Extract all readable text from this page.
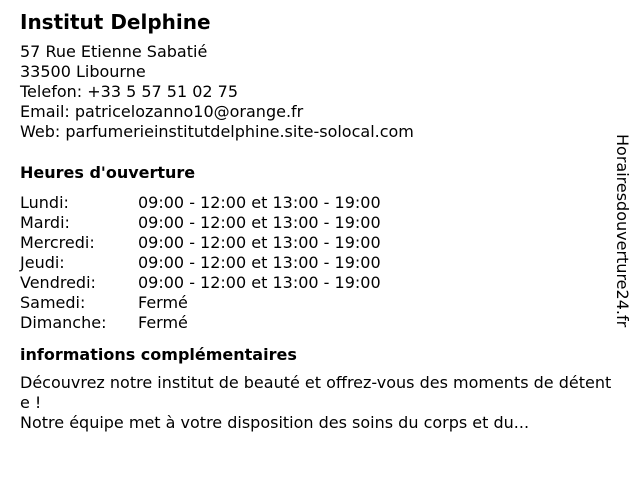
Institut Delphine
57 Rue Etienne Sabatié
33500 Libourne
Telefon: +33 5 57 51 02 75
Email: patricelozanno10@orange.fr
Web: parfumerieinstitutdelphine.site-solocal.com
Heures d'ouverture
Lundi:	09:00 - 12:00 et 13:00 - 19:00
Mardi:	09:00 - 12:00 et 13:00 - 19:00
Mercredi:	09:00 - 12:00 et 13:00 - 19:00
Jeudi:	09:00 - 12:00 et 13:00 - 19:00
Vendredi:	09:00 - 12:00 et 13:00 - 19:00
Samedi:	Fermé
Dimanche:	Fermé
informations complémentaires
Découvrez notre institut de beauté et offrez-vous des moments de détente !
Notre équipe met à votre disposition des soins du corps et du...
Horairesdouverture24.fr
